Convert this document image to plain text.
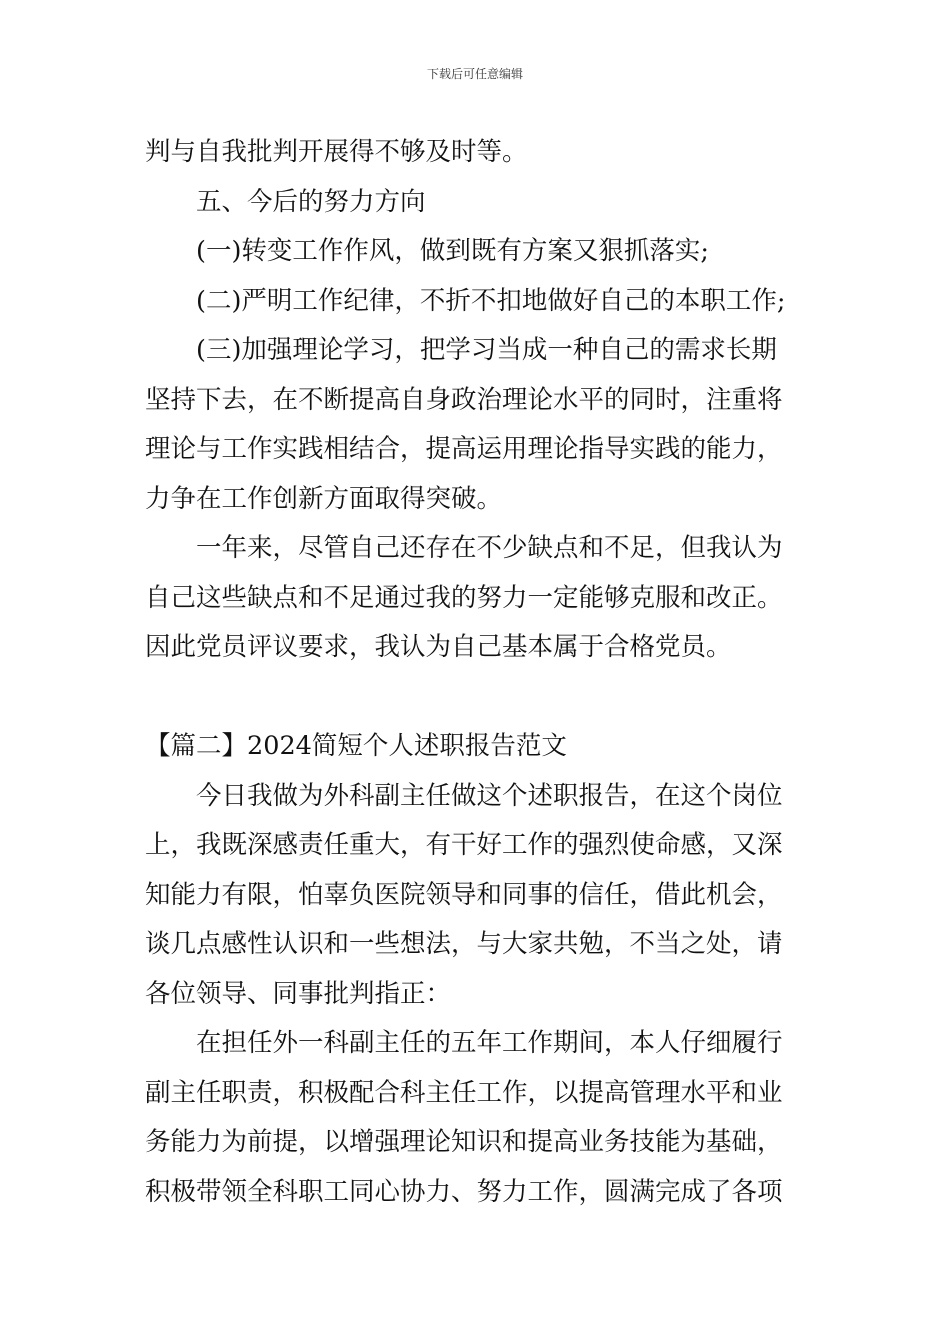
下载后可任意编辑
判与自我批判开展得不够及时等。
五、今后的努力方向
(一)转变工作作风，做到既有方案又狠抓落实;
(二)严明工作纪律，不折不扣地做好自己的本职工作;
(三)加强理论学习，把学习当成一种自己的需求长期
坚持下去，在不断提高自身政治理论水平的同时，注重将
理论与工作实践相结合，提高运用理论指导实践的能力，
力争在工作创新方面取得突破。
一年来，尽管自己还存在不少缺点和不足，但我认为
自己这些缺点和不足通过我的努力一定能够克服和改正。
因此党员评议要求，我认为自己基本属于合格党员。
【篇二】2024简短个人述职报告范文
今日我做为外科副主任做这个述职报告，在这个岗位
上，我既深感责任重大，有干好工作的强烈使命感，又深
知能力有限，怕辜负医院领导和同事的信任，借此机会，
谈几点感性认识和一些想法，与大家共勉，不当之处，请
各位领导、同事批判指正：
在担任外一科副主任的五年工作期间，本人仔细履行
副主任职责，积极配合科主任工作，以提高管理水平和业
务能力为前提，以增强理论知识和提高业务技能为基础，
积极带领全科职工同心协力、努力工作，圆满完成了各项
